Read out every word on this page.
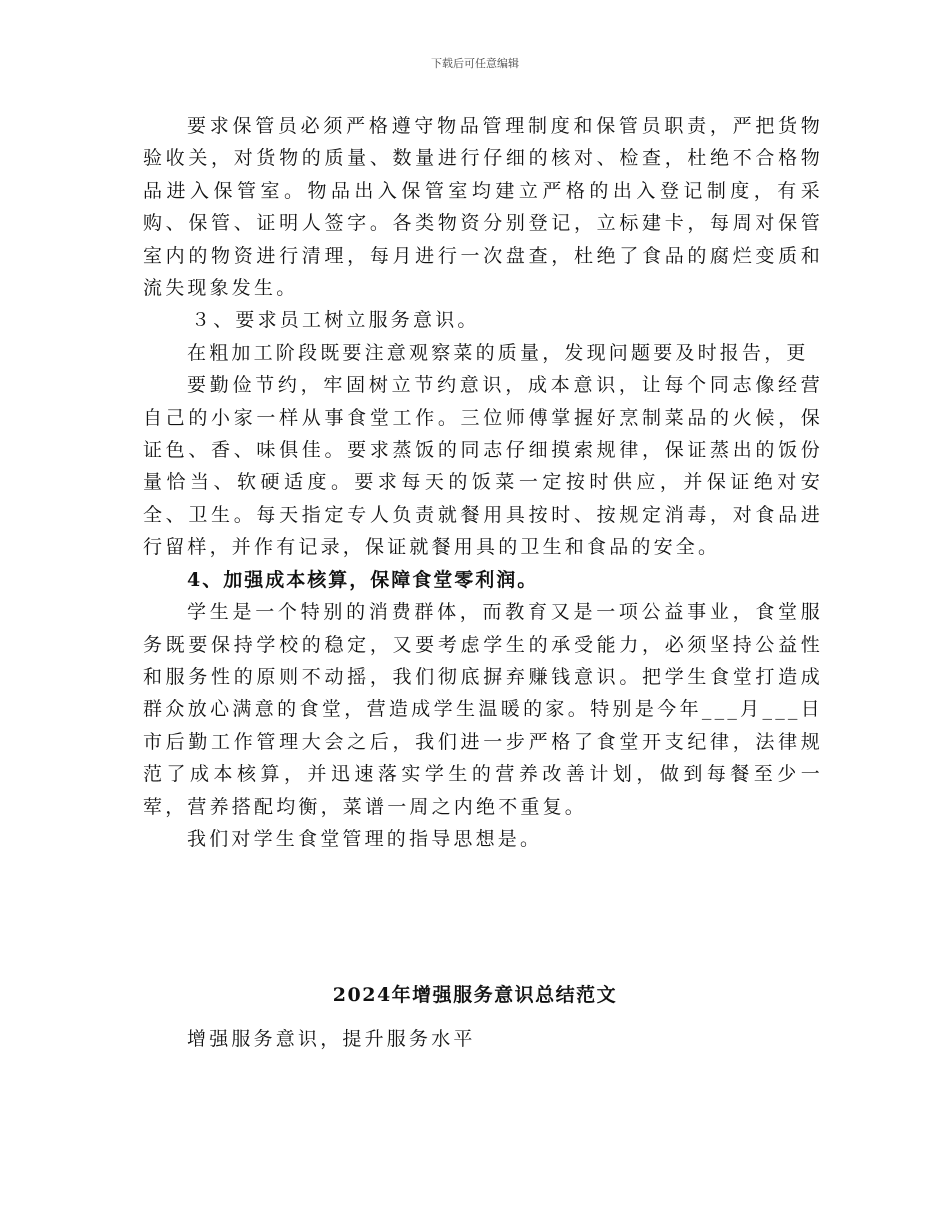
下载后可任意编辑

要求保管员必须严格遵守物品管理制度和保管员职责，严把货物验收关，对货物的质量、数量进行仔细的核对、检查，杜绝不合格物品进入保管室。物品出入保管室均建立严格的出入登记制度，有采购、保管、证明人签字。各类物资分别登记，立标建卡，每周对保管室内的物资进行清理，每月进行一次盘查，杜绝了食品的腐烂变质和流失现象发生。

３、要求员工树立服务意识。

在粗加工阶段既要注意观察菜的质量，发现问题要及时报告，更

要勤俭节约，牢固树立节约意识，成本意识，让每个同志像经营自己的小家一样从事食堂工作。三位师傅掌握好烹制菜品的火候，保证色、香、味俱佳。要求蒸饭的同志仔细摸索规律，保证蒸出的饭份量恰当、软硬适度。要求每天的饭菜一定按时供应，并保证绝对安全、卫生。每天指定专人负责就餐用具按时、按规定消毒，对食品进行留样，并作有记录，保证就餐用具的卫生和食品的安全。

4、加强成本核算，保障食堂零利润。

学生是一个特别的消费群体，而教育又是一项公益事业，食堂服务既要保持学校的稳定，又要考虑学生的承受能力，必须坚持公益性和服务性的原则不动摇，我们彻底摒弃赚钱意识。把学生食堂打造成群众放心满意的食堂，营造成学生温暖的家。特别是今年___月___日市后勤工作管理大会之后，我们进一步严格了食堂开支纪律，法律规范了成本核算，并迅速落实学生的营养改善计划，做到每餐至少一荤，营养搭配均衡，菜谱一周之内绝不重复。

我们对学生食堂管理的指导思想是。

2024年增强服务意识总结范文
增强服务意识，提升服务水平
